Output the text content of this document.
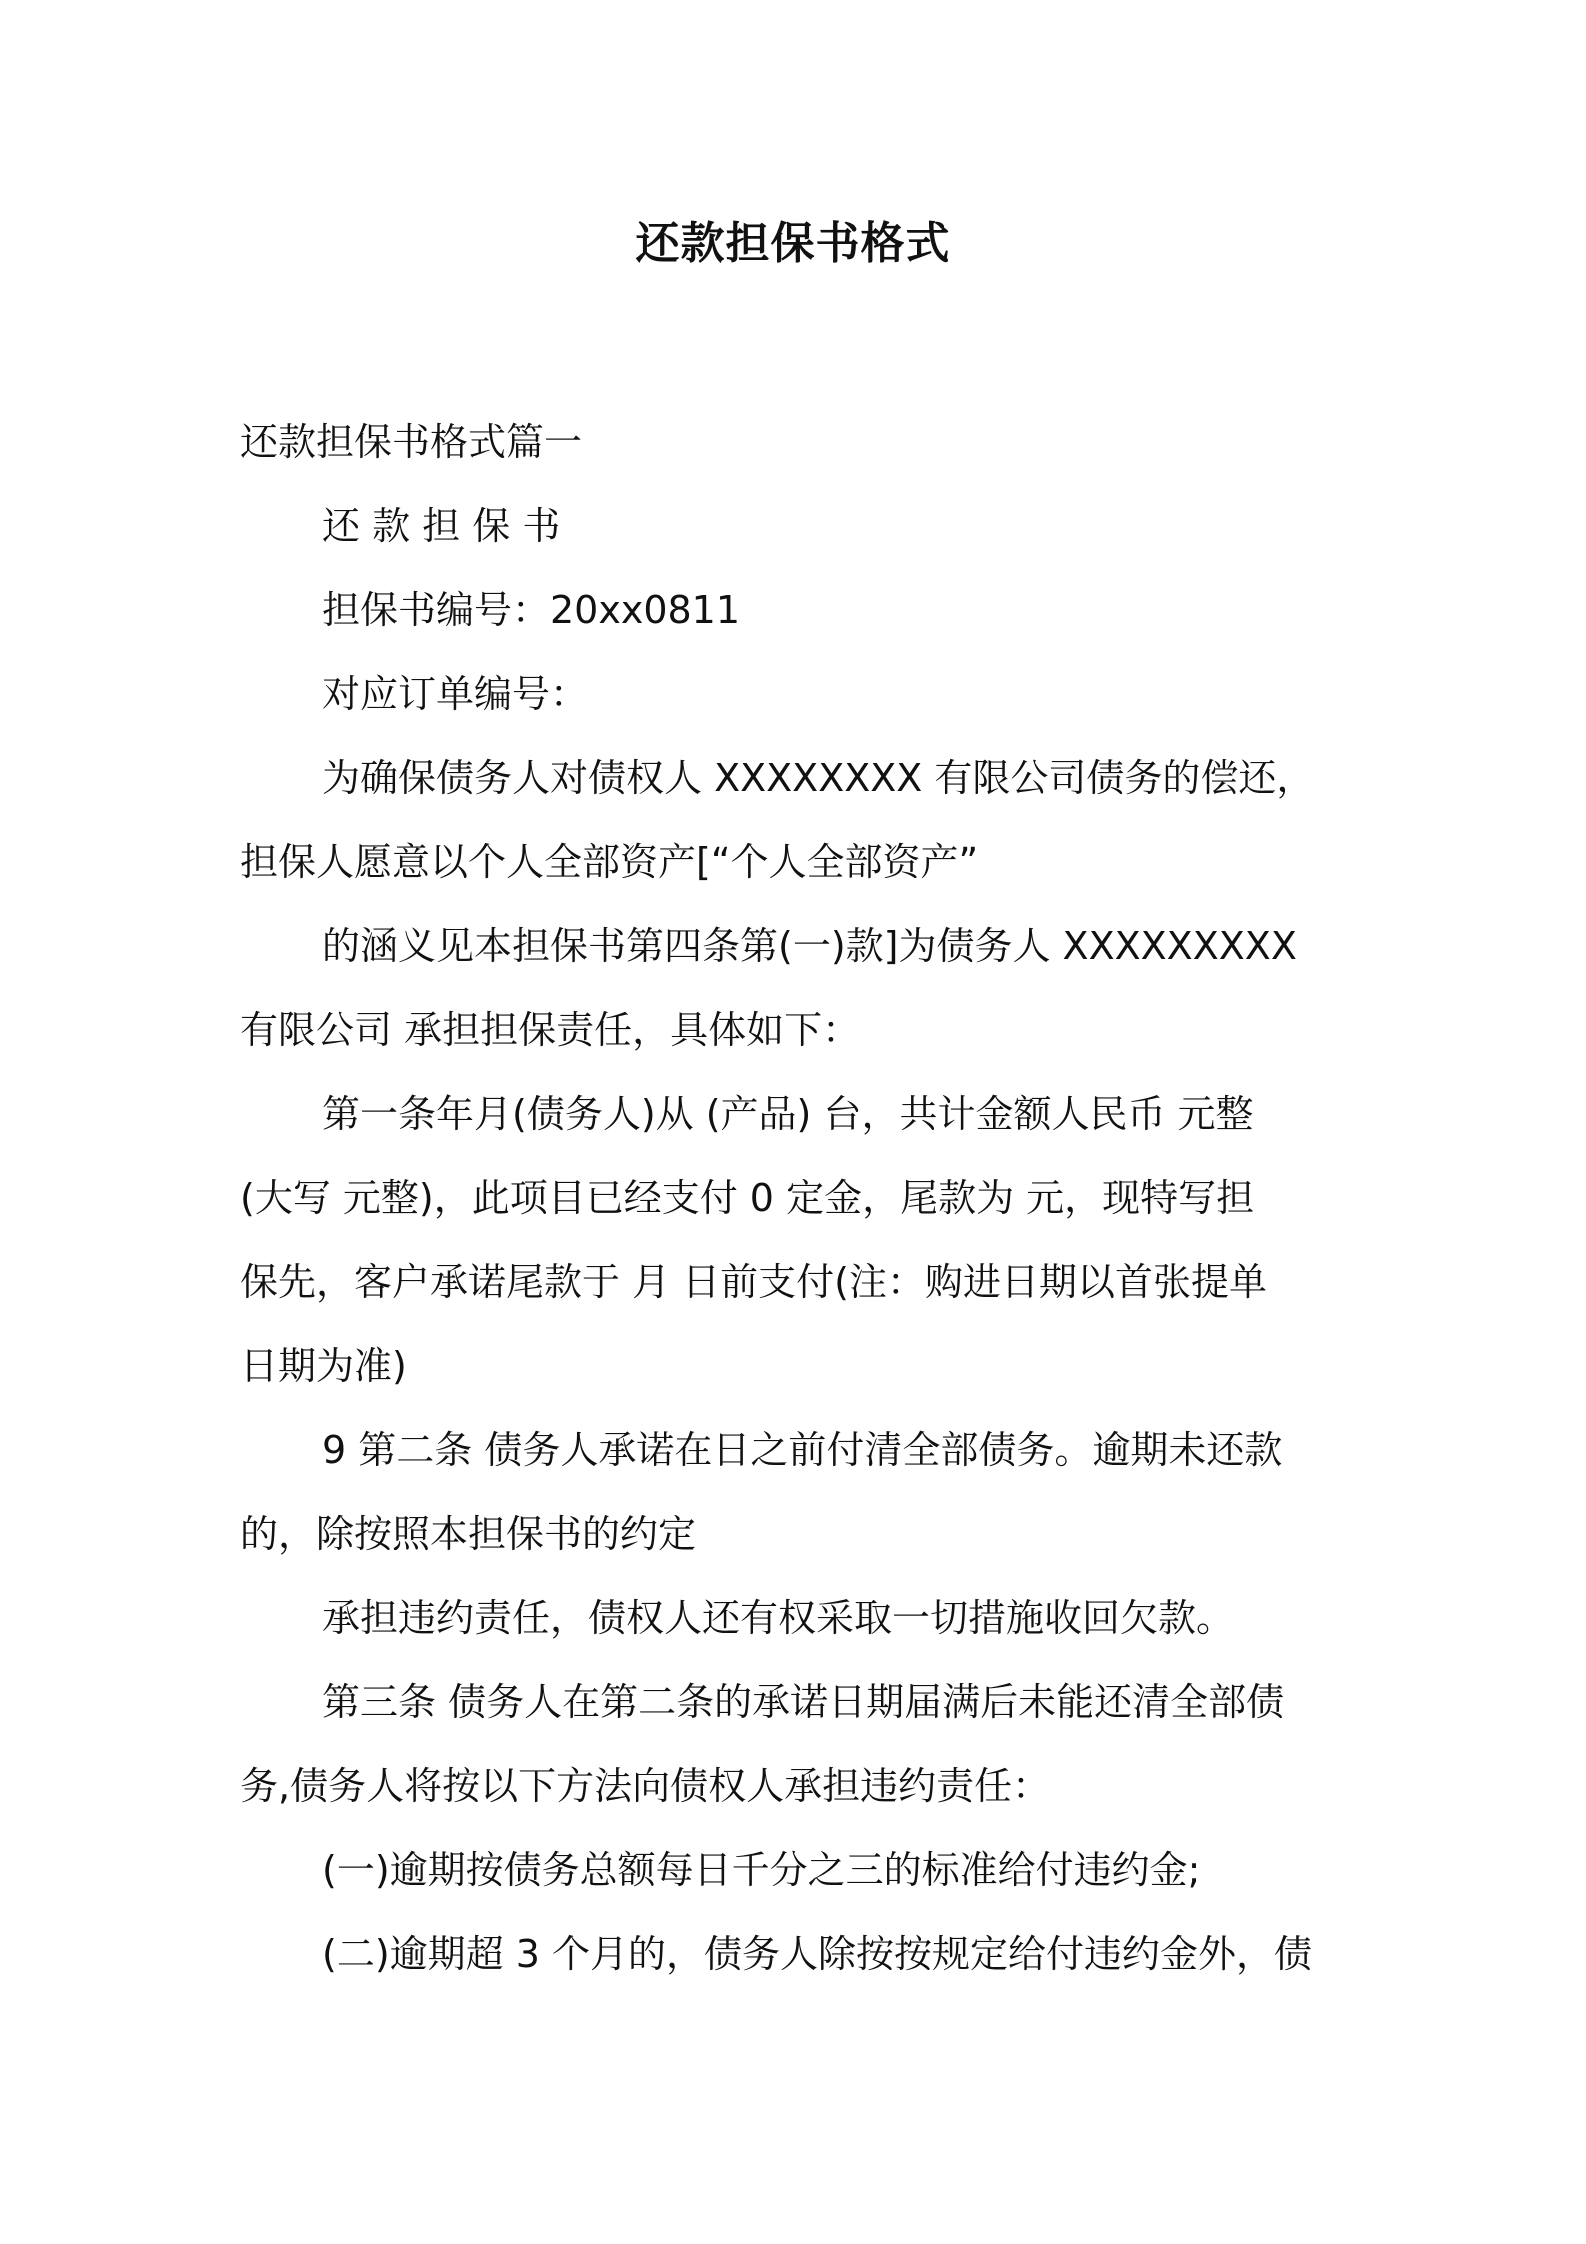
还款担保书格式

还款担保书格式篇一

还 款 担 保 书

担保书编号：20xx0811

对应订单编号：

为确保债务人对债权人 XXXXXXXX 有限公司债务的偿还，

担保人愿意以个人全部资产[“个人全部资产”

的涵义见本担保书第四条第(一)款]为债务人 XXXXXXXXX

有限公司 承担担保责任，具体如下：

第一条年月(债务人)从 (产品) 台，共计金额人民币 元整

(大写 元整)，此项目已经支付 0 定金，尾款为 元，现特写担

保先，客户承诺尾款于 月 日前支付(注：购进日期以首张提单

日期为准)

9 第二条 债务人承诺在日之前付清全部债务。逾期未还款

的，除按照本担保书的约定

承担违约责任，债权人还有权采取一切措施收回欠款。

第三条 债务人在第二条的承诺日期届满后未能还清全部债

务,债务人将按以下方法向债权人承担违约责任：

(一)逾期按债务总额每日千分之三的标准给付违约金;

(二)逾期超 3 个月的，债务人除按按规定给付违约金外，债
